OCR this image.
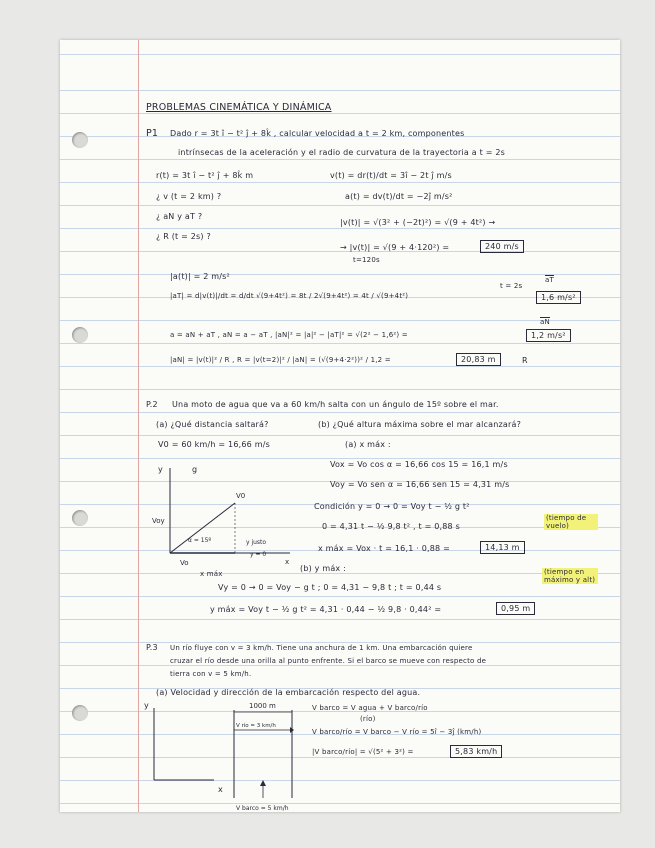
PROBLEMAS CINEMÁTICA Y DINÁMICA
P1 Dado r = 3t î − t² ĵ + 8k̂ , calcular velocidad a t = 2 km, componentes
intrínsecas de la aceleración y el radio de curvatura de la trayectoria a t = 2s
r(t) = 3t î − t² ĵ + 8k̂ m	v(t) = dr(t)/dt = 3î − 2t ĵ m/s
¿ v (t = 2 km) ?	a(t) = dv(t)/dt = −2ĵ m/s²
¿ aN y aT ?
¿ R (t = 2s) ?
|v(t)| = √(3² + (−2t)²) = √(9 + 4t²) →
→ |v(t)| = √(9 + 4·120²) =
t=120s
240 m/s
|a(t)| = 2 m/s²
|aT| = d|v(t)|/dt = d/dt √(9+4t²) = 8t / 2√(9+4t²) = 4t / √(9+4t²)
t = 2s
$\overline{aT}$
1,6 m/s²
a = aN + aT , aN = a − aT , |aN|² = |a|² − |aT|² = √(2² − 1,6²) =
$\overline{aN}$
1,2 m/s²
|aN| = |v(t)|² / R , R = |v(t=2)|² / |aN| = (√(9+4·2²))² / 1,2 =	20,83 m	R
P.2 Una moto de agua que va a 60 km/h salta con un ángulo de 15º sobre el mar.
(a) ¿Qué distancia saltará?	(b) ¿Qué altura máxima sobre el mar alcanzará?
V0 = 60 km/h = 16,66 m/s	(a) x máx :
Vox = Vo cos α = 16,66 cos 15 = 16,1 m/s
Voy = Vo sen α = 16,66 sen 15 = 4,31 m/s
Condición y = 0 → 0 = Voy t − ½ g t²
0 = 4,31 t − ½ 9,8 t² , t = 0,88 s
(tiempo de vuelo)
x máx = Vox · t = 16,1 · 0,88 =	14,13 m
(b) y máx :
Vy = 0 → 0 = Voy − g t ; 0 = 4,31 − 9,8 t ; t = 0,44 s
(tiempo en máximo y alt)
y máx = Voy t − ½ g t² = 4,31 · 0,44 − ½ 9,8 · 0,44² =	0,95 m
y	g
V0
Voy
Vo
α = 15º	y justo
y = 0
x
x máx
P.3 Un río fluye con v = 3 km/h. Tiene una anchura de 1 km. Una embarcación quiere
cruzar el río desde una orilla al punto enfrente. Si el barco se mueve con respecto de
tierra con v = 5 km/h.
(a) Velocidad y dirección de la embarcación respecto del agua.
V barco = V agua + V barco/río
(río)
V barco/río = V barco − V río = 5î − 3ĵ (km/h)
|V barco/río| = √(5² + 3²) =	5,83 km/h
y
x
1000 m
V río = 3 km/h
V barco = 5 km/h
